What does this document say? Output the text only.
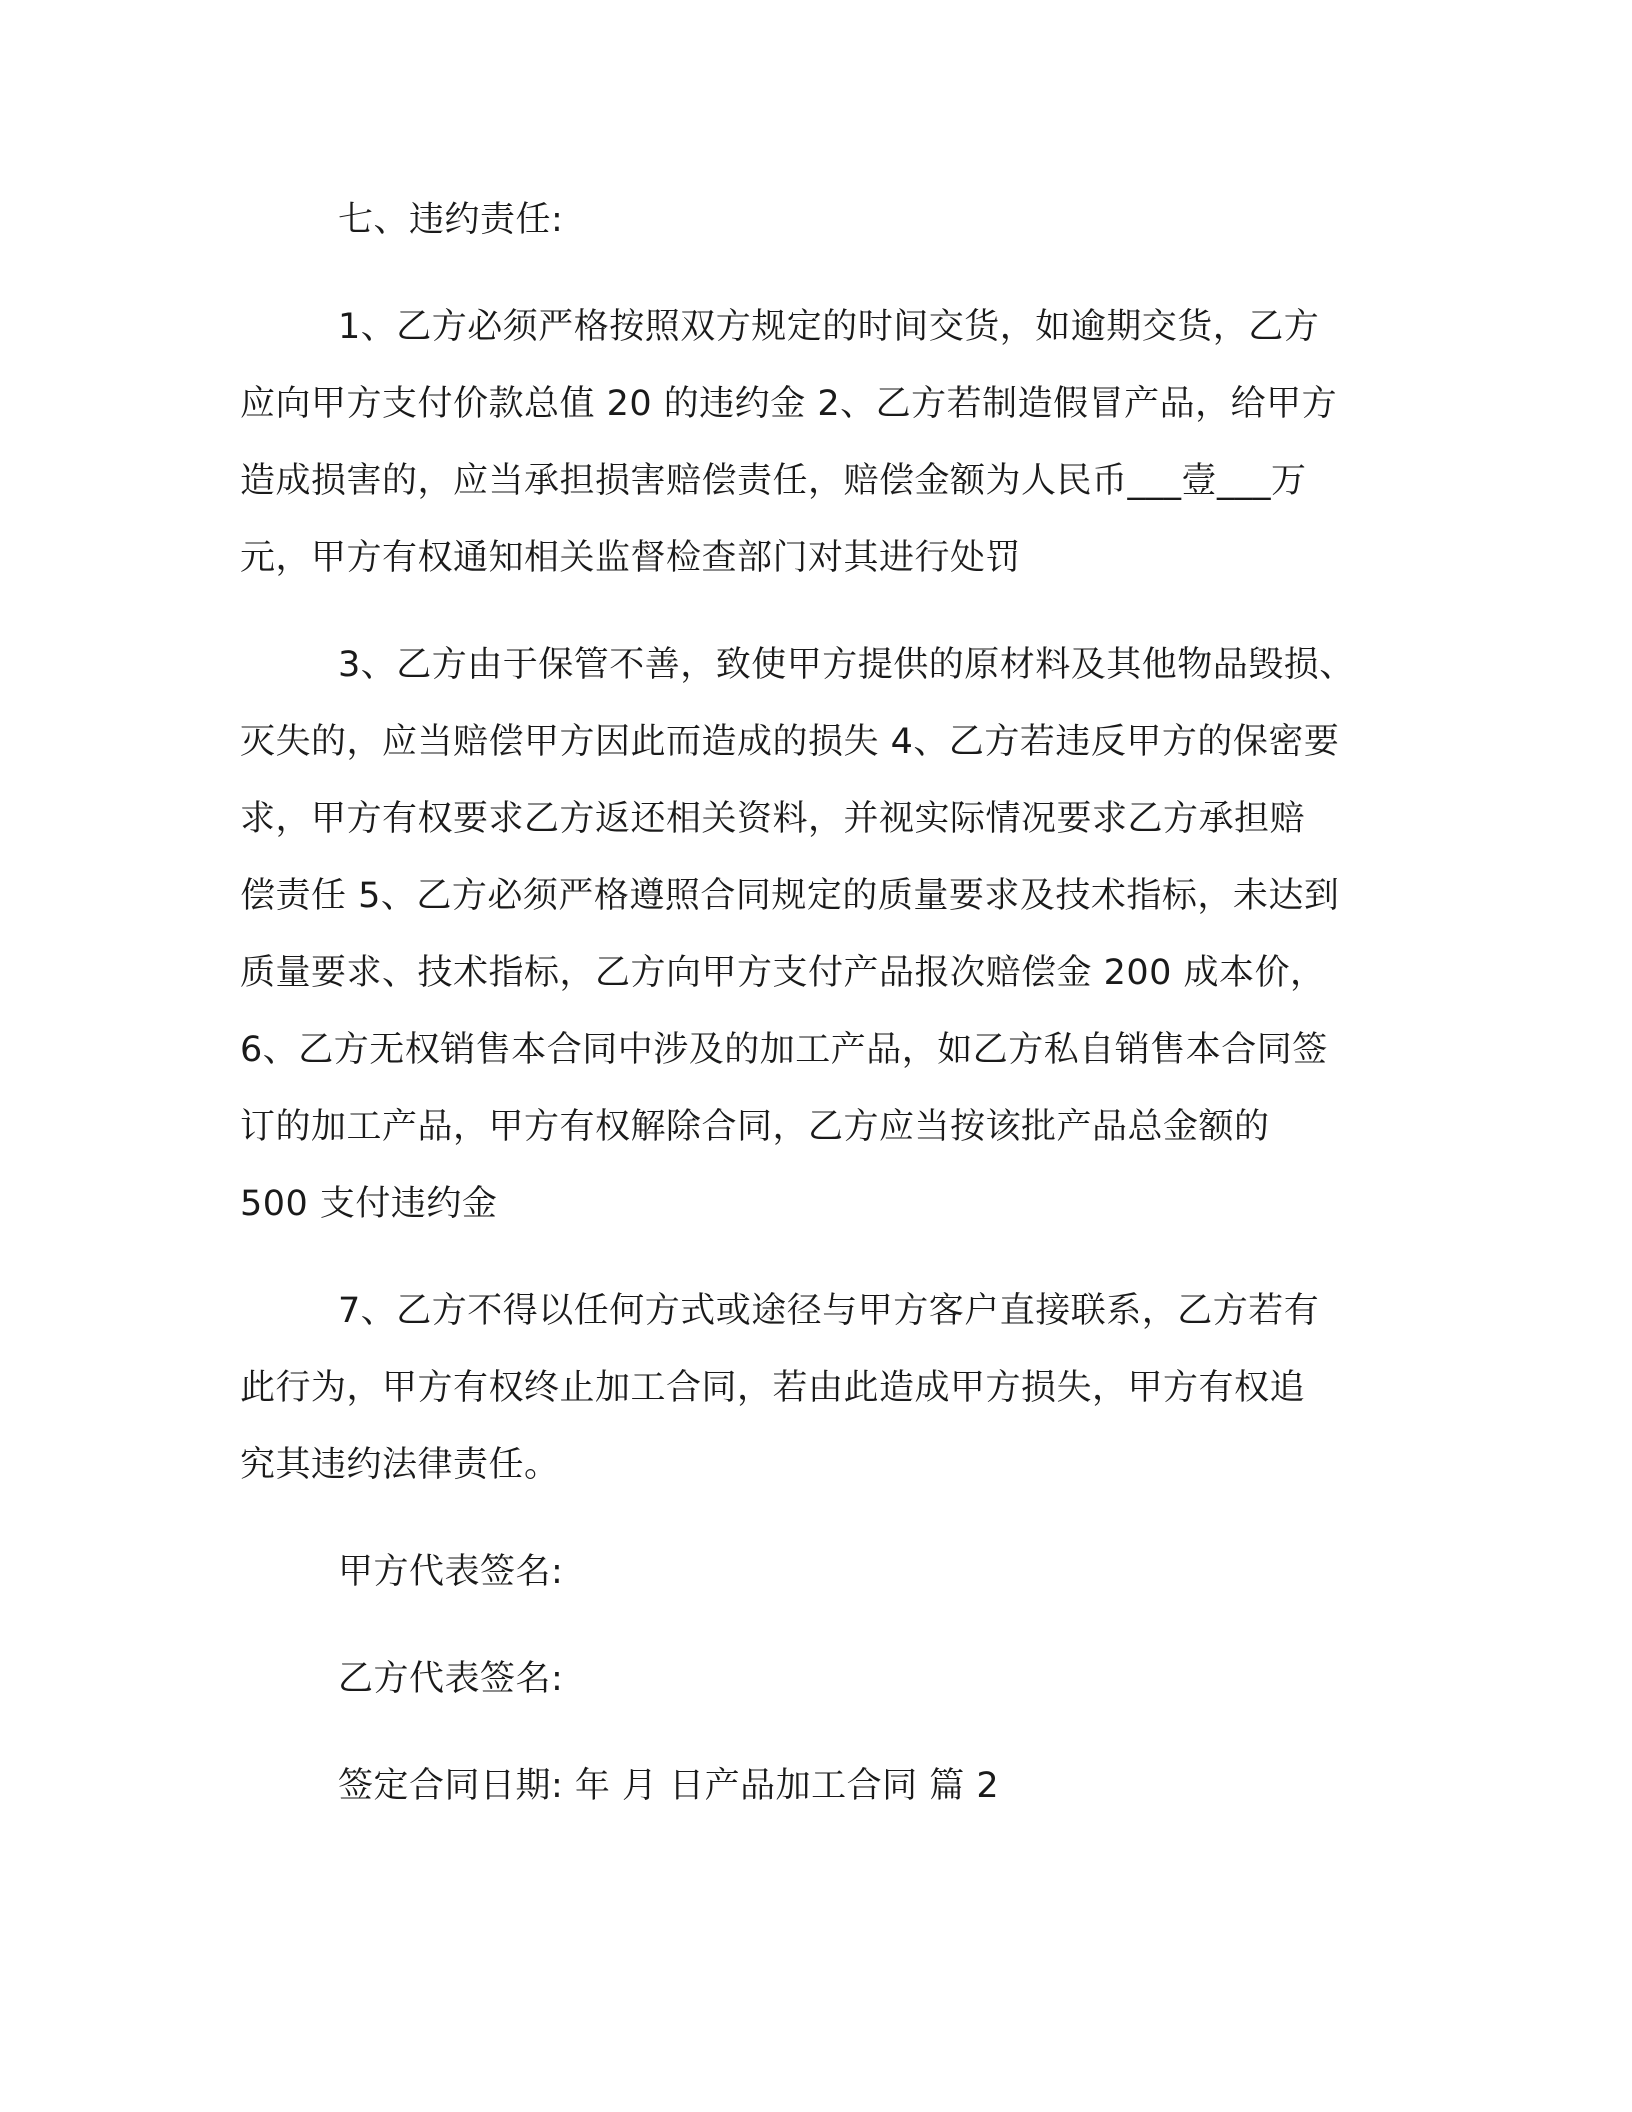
七、违约责任:

1、乙方必须严格按照双方规定的时间交货，如逾期交货，乙方
应向甲方支付价款总值 20 的违约金 2、乙方若制造假冒产品，给甲方
造成损害的，应当承担损害赔偿责任，赔偿金额为人民币___壹___万
元，甲方有权通知相关监督检查部门对其进行处罚

3、乙方由于保管不善，致使甲方提供的原材料及其他物品毁损、
灭失的，应当赔偿甲方因此而造成的损失 4、乙方若违反甲方的保密要
求，甲方有权要求乙方返还相关资料，并视实际情况要求乙方承担赔
偿责任 5、乙方必须严格遵照合同规定的质量要求及技术指标，未达到
质量要求、技术指标，乙方向甲方支付产品报次赔偿金 200 成本价，
6、乙方无权销售本合同中涉及的加工产品，如乙方私自销售本合同签
订的加工产品，甲方有权解除合同，乙方应当按该批产品总金额的
500 支付违约金

7、乙方不得以任何方式或途径与甲方客户直接联系，乙方若有
此行为，甲方有权终止加工合同，若由此造成甲方损失，甲方有权追
究其违约法律责任。

甲方代表签名:

乙方代表签名:

签定合同日期: 年 月 日产品加工合同 篇 2
